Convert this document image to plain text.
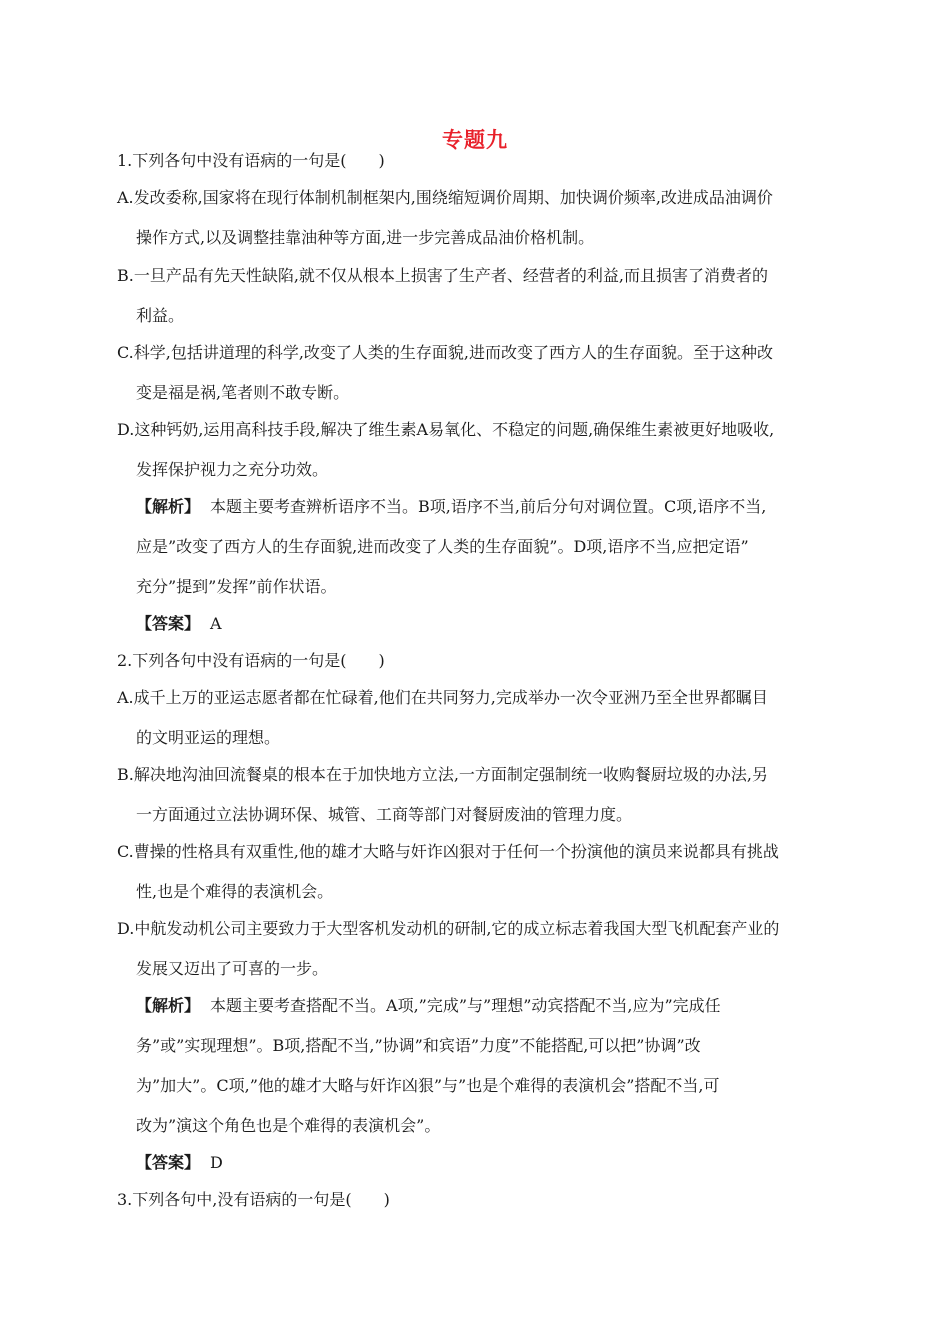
专题九

1.下列各句中没有语病的一句是(　　)

A.发改委称,国家将在现行体制机制框架内,围绕缩短调价周期、加快调价频率,改进成品油调价

操作方式,以及调整挂靠油种等方面,进一步完善成品油价格机制。

B.一旦产品有先天性缺陷,就不仅从根本上损害了生产者、经营者的利益,而且损害了消费者的

利益。

C.科学,包括讲道理的科学,改变了人类的生存面貌,进而改变了西方人的生存面貌。至于这种改

变是福是祸,笔者则不敢专断。

D.这种钙奶,运用高科技手段,解决了维生素A易氧化、不稳定的问题,确保维生素被更好地吸收,

发挥保护视力之充分功效。

【解析】 本题主要考查辨析语序不当。B项,语序不当,前后分句对调位置。C项,语序不当,

应是”改变了西方人的生存面貌,进而改变了人类的生存面貌”。D项,语序不当,应把定语”

充分”提到”发挥”前作状语。

【答案】 A

2.下列各句中没有语病的一句是(　　)

A.成千上万的亚运志愿者都在忙碌着,他们在共同努力,完成举办一次令亚洲乃至全世界都瞩目

的文明亚运的理想。

B.解决地沟油回流餐桌的根本在于加快地方立法,一方面制定强制统一收购餐厨垃圾的办法,另

一方面通过立法协调环保、城管、工商等部门对餐厨废油的管理力度。

C.曹操的性格具有双重性,他的雄才大略与奸诈凶狠对于任何一个扮演他的演员来说都具有挑战

性,也是个难得的表演机会。

D.中航发动机公司主要致力于大型客机发动机的研制,它的成立标志着我国大型飞机配套产业的

发展又迈出了可喜的一步。

【解析】 本题主要考查搭配不当。A项,”完成”与”理想”动宾搭配不当,应为”完成任

务”或”实现理想”。B项,搭配不当,”协调”和宾语”力度”不能搭配,可以把”协调”改

为”加大”。C项,”他的雄才大略与奸诈凶狠”与”也是个难得的表演机会”搭配不当,可

改为”演这个角色也是个难得的表演机会”。

【答案】 D

3.下列各句中,没有语病的一句是(　　)
